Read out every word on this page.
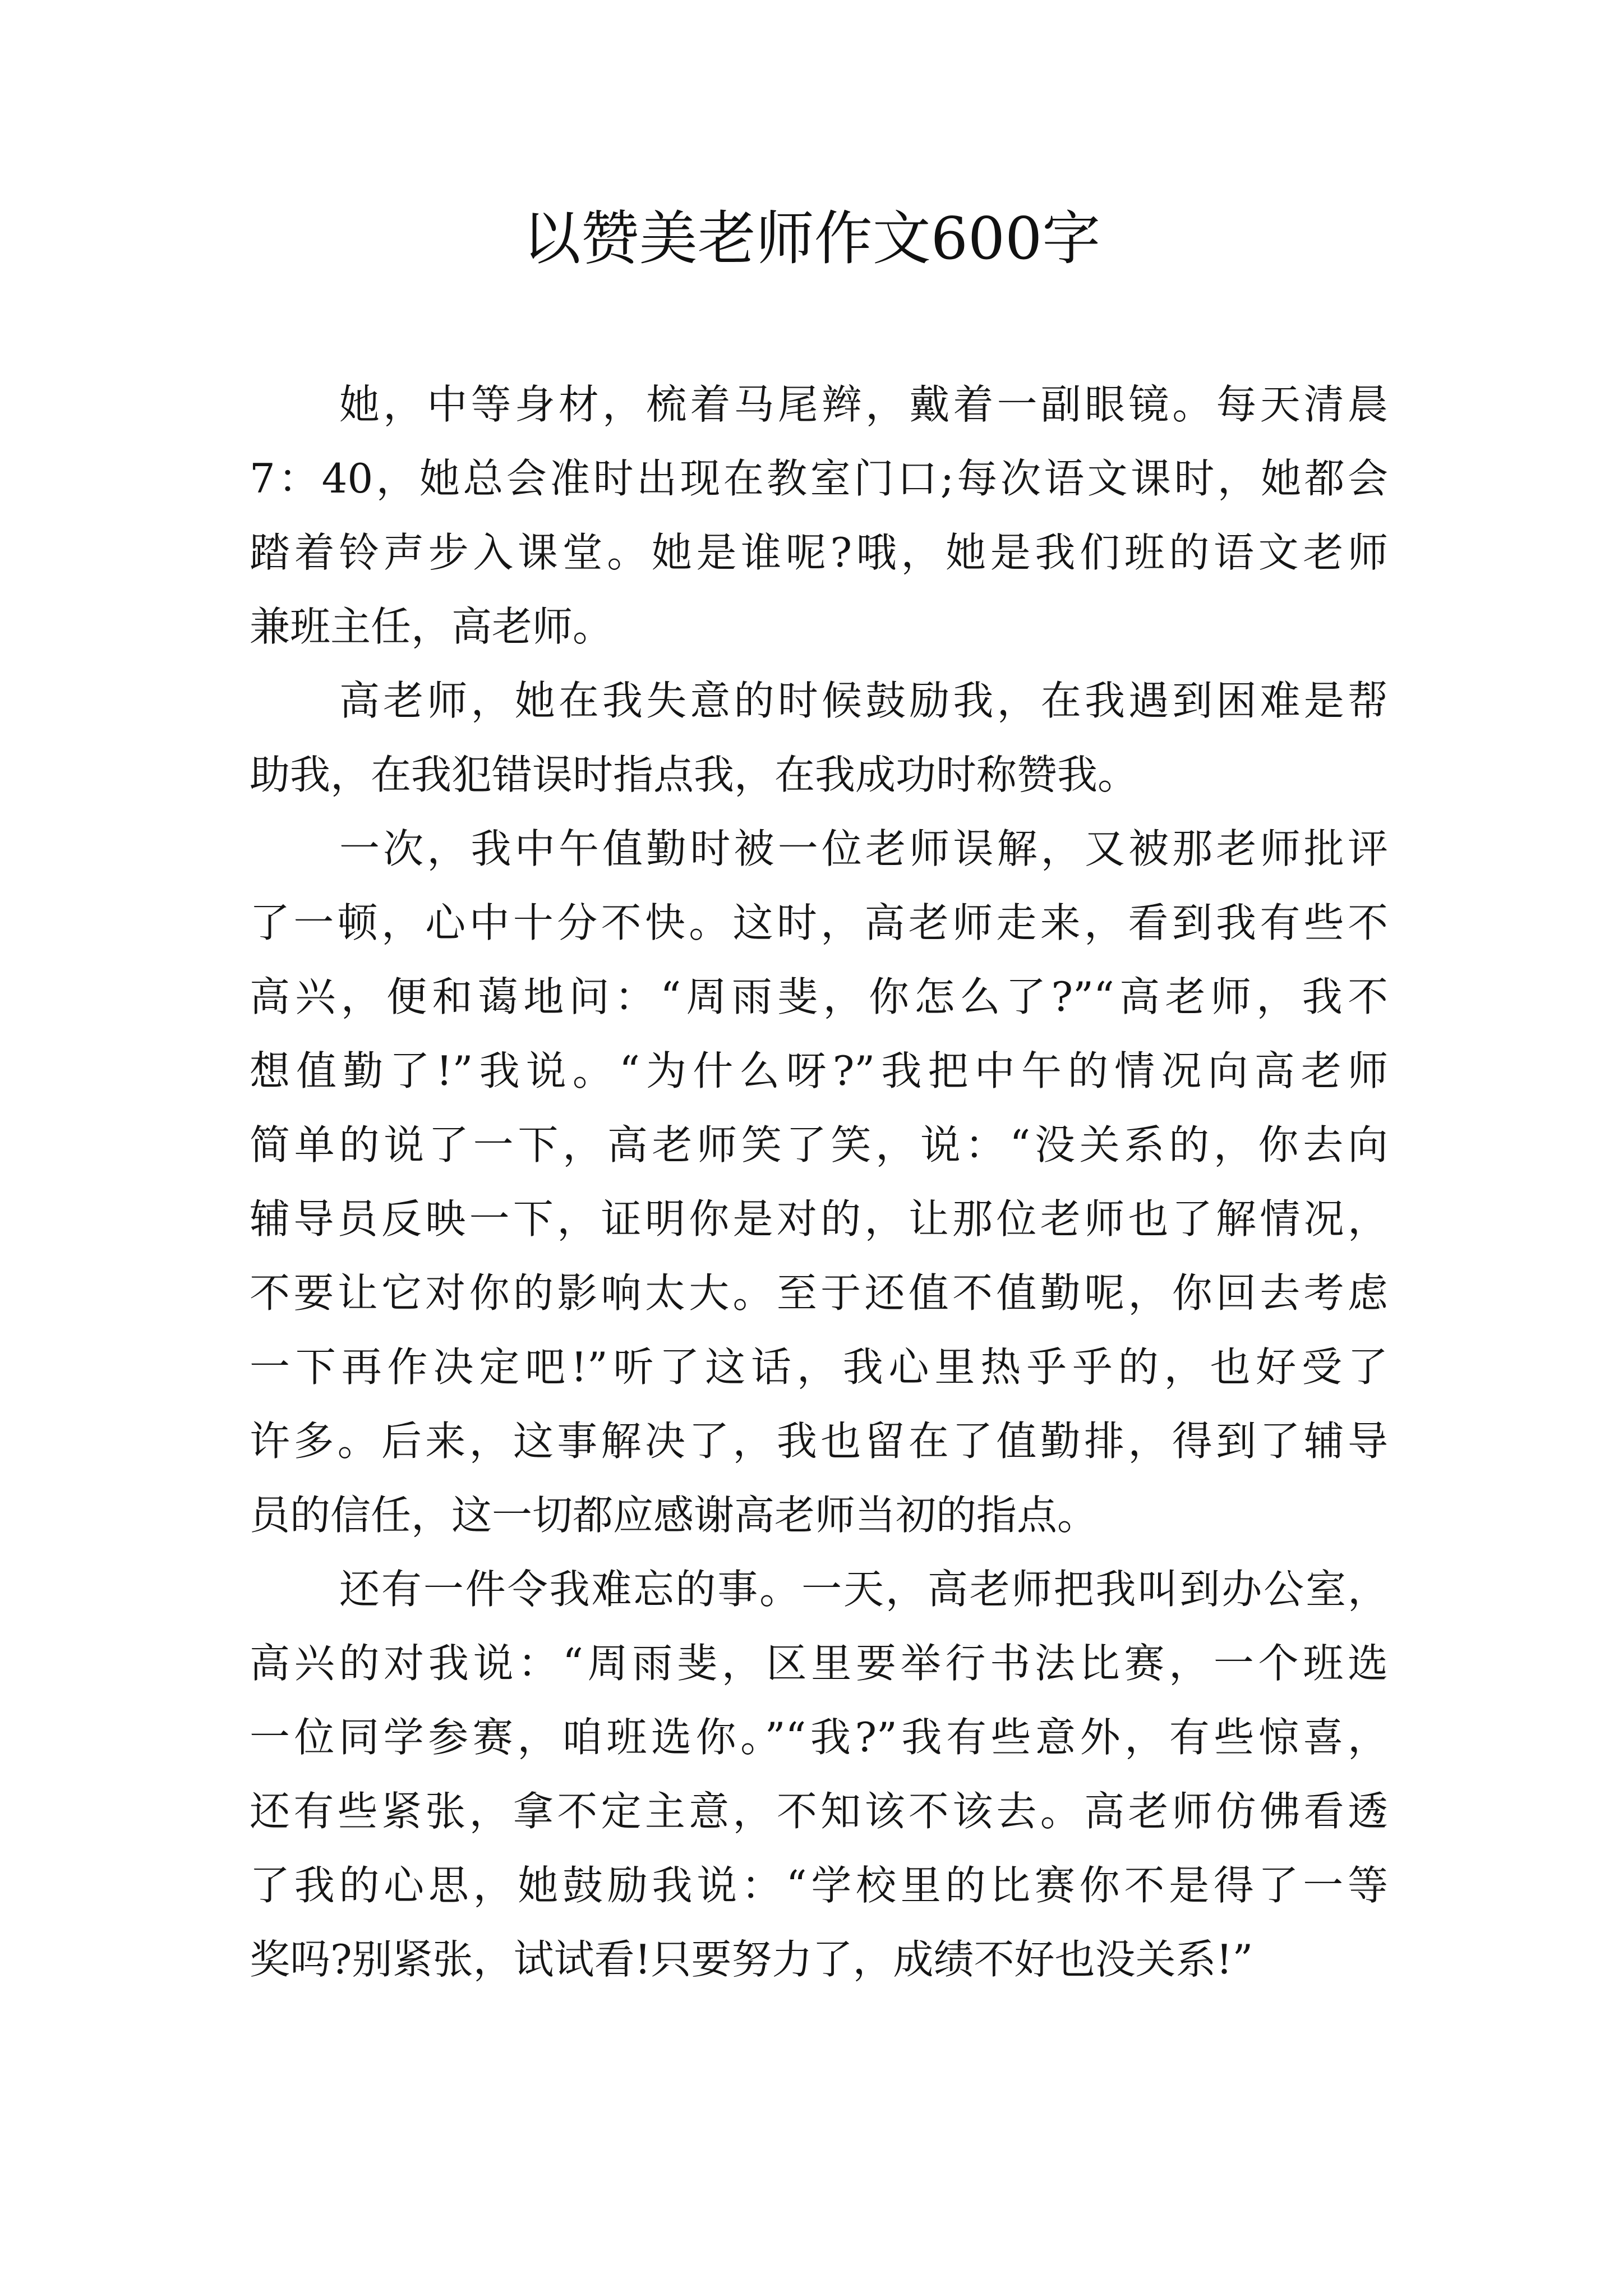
以赞美老师作文600字
她，中等身材，梳着马尾辫，戴着一副眼镜。每天清晨
7：40，她总会准时出现在教室门口;每次语文课时，她都会
踏着铃声步入课堂。她是谁呢?哦，她是我们班的语文老师
兼班主任，高老师。
高老师，她在我失意的时候鼓励我，在我遇到困难是帮
助我，在我犯错误时指点我，在我成功时称赞我。
一次，我中午值勤时被一位老师误解，又被那老师批评
了一顿，心中十分不快。这时，高老师走来，看到我有些不
高兴，便和蔼地问：“周雨斐，你怎么了?”“高老师，我不
想值勤了!”我说。“为什么呀?”我把中午的情况向高老师
简单的说了一下，高老师笑了笑，说：“没关系的，你去向
辅导员反映一下，证明你是对的，让那位老师也了解情况，
不要让它对你的影响太大。至于还值不值勤呢，你回去考虑
一下再作决定吧!”听了这话，我心里热乎乎的，也好受了
许多。后来，这事解决了，我也留在了值勤排，得到了辅导
员的信任，这一切都应感谢高老师当初的指点。
还有一件令我难忘的事。一天，高老师把我叫到办公室，
高兴的对我说：“周雨斐，区里要举行书法比赛，一个班选
一位同学参赛，咱班选你。”“我?”我有些意外，有些惊喜，
还有些紧张，拿不定主意，不知该不该去。高老师仿佛看透
了我的心思，她鼓励我说：“学校里的比赛你不是得了一等
奖吗?别紧张，试试看!只要努力了，成绩不好也没关系!”
